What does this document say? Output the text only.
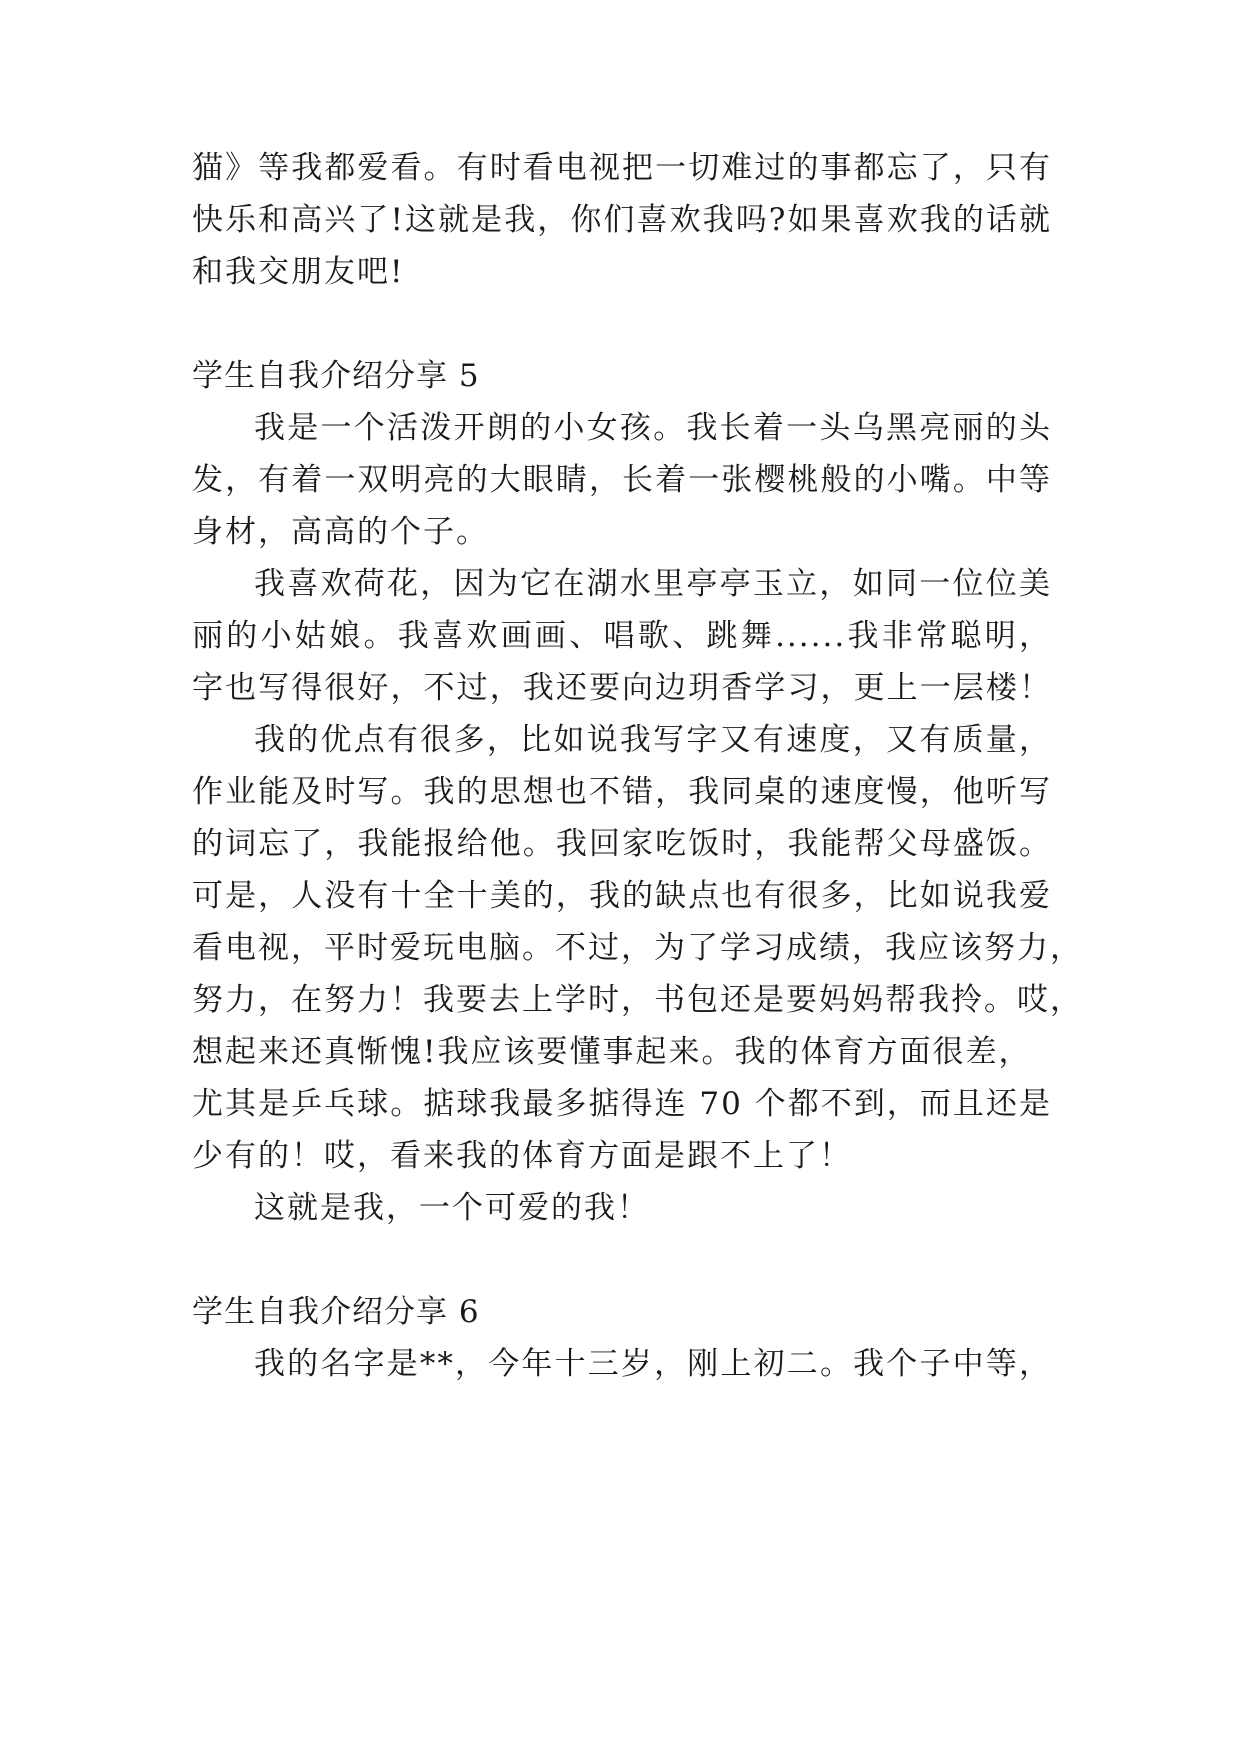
猫》等我都爱看。有时看电视把一切难过的事都忘了，只有
快乐和高兴了!这就是我，你们喜欢我吗?如果喜欢我的话就
和我交朋友吧!
学生自我介绍分享 5
我是一个活泼开朗的小女孩。我长着一头乌黑亮丽的头
发，有着一双明亮的大眼睛，长着一张樱桃般的小嘴。中等
身材，高高的个子。
我喜欢荷花，因为它在湖水里亭亭玉立，如同一位位美
丽的小姑娘。我喜欢画画、唱歌、跳舞......我非常聪明，
字也写得很好，不过，我还要向边玥香学习，更上一层楼！
我的优点有很多，比如说我写字又有速度，又有质量，
作业能及时写。我的思想也不错，我同桌的速度慢，他听写
的词忘了，我能报给他。我回家吃饭时，我能帮父母盛饭。
可是，人没有十全十美的，我的缺点也有很多，比如说我爱
看电视，平时爱玩电脑。不过，为了学习成绩，我应该努力，
努力，在努力！我要去上学时，书包还是要妈妈帮我拎。哎，
想起来还真惭愧!我应该要懂事起来。我的体育方面很差，
尤其是乒乓球。掂球我最多掂得连 70 个都不到，而且还是
少有的！哎，看来我的体育方面是跟不上了！
这就是我，一个可爱的我！
学生自我介绍分享 6
我的名字是**，今年十三岁，刚上初二。我个子中等，
